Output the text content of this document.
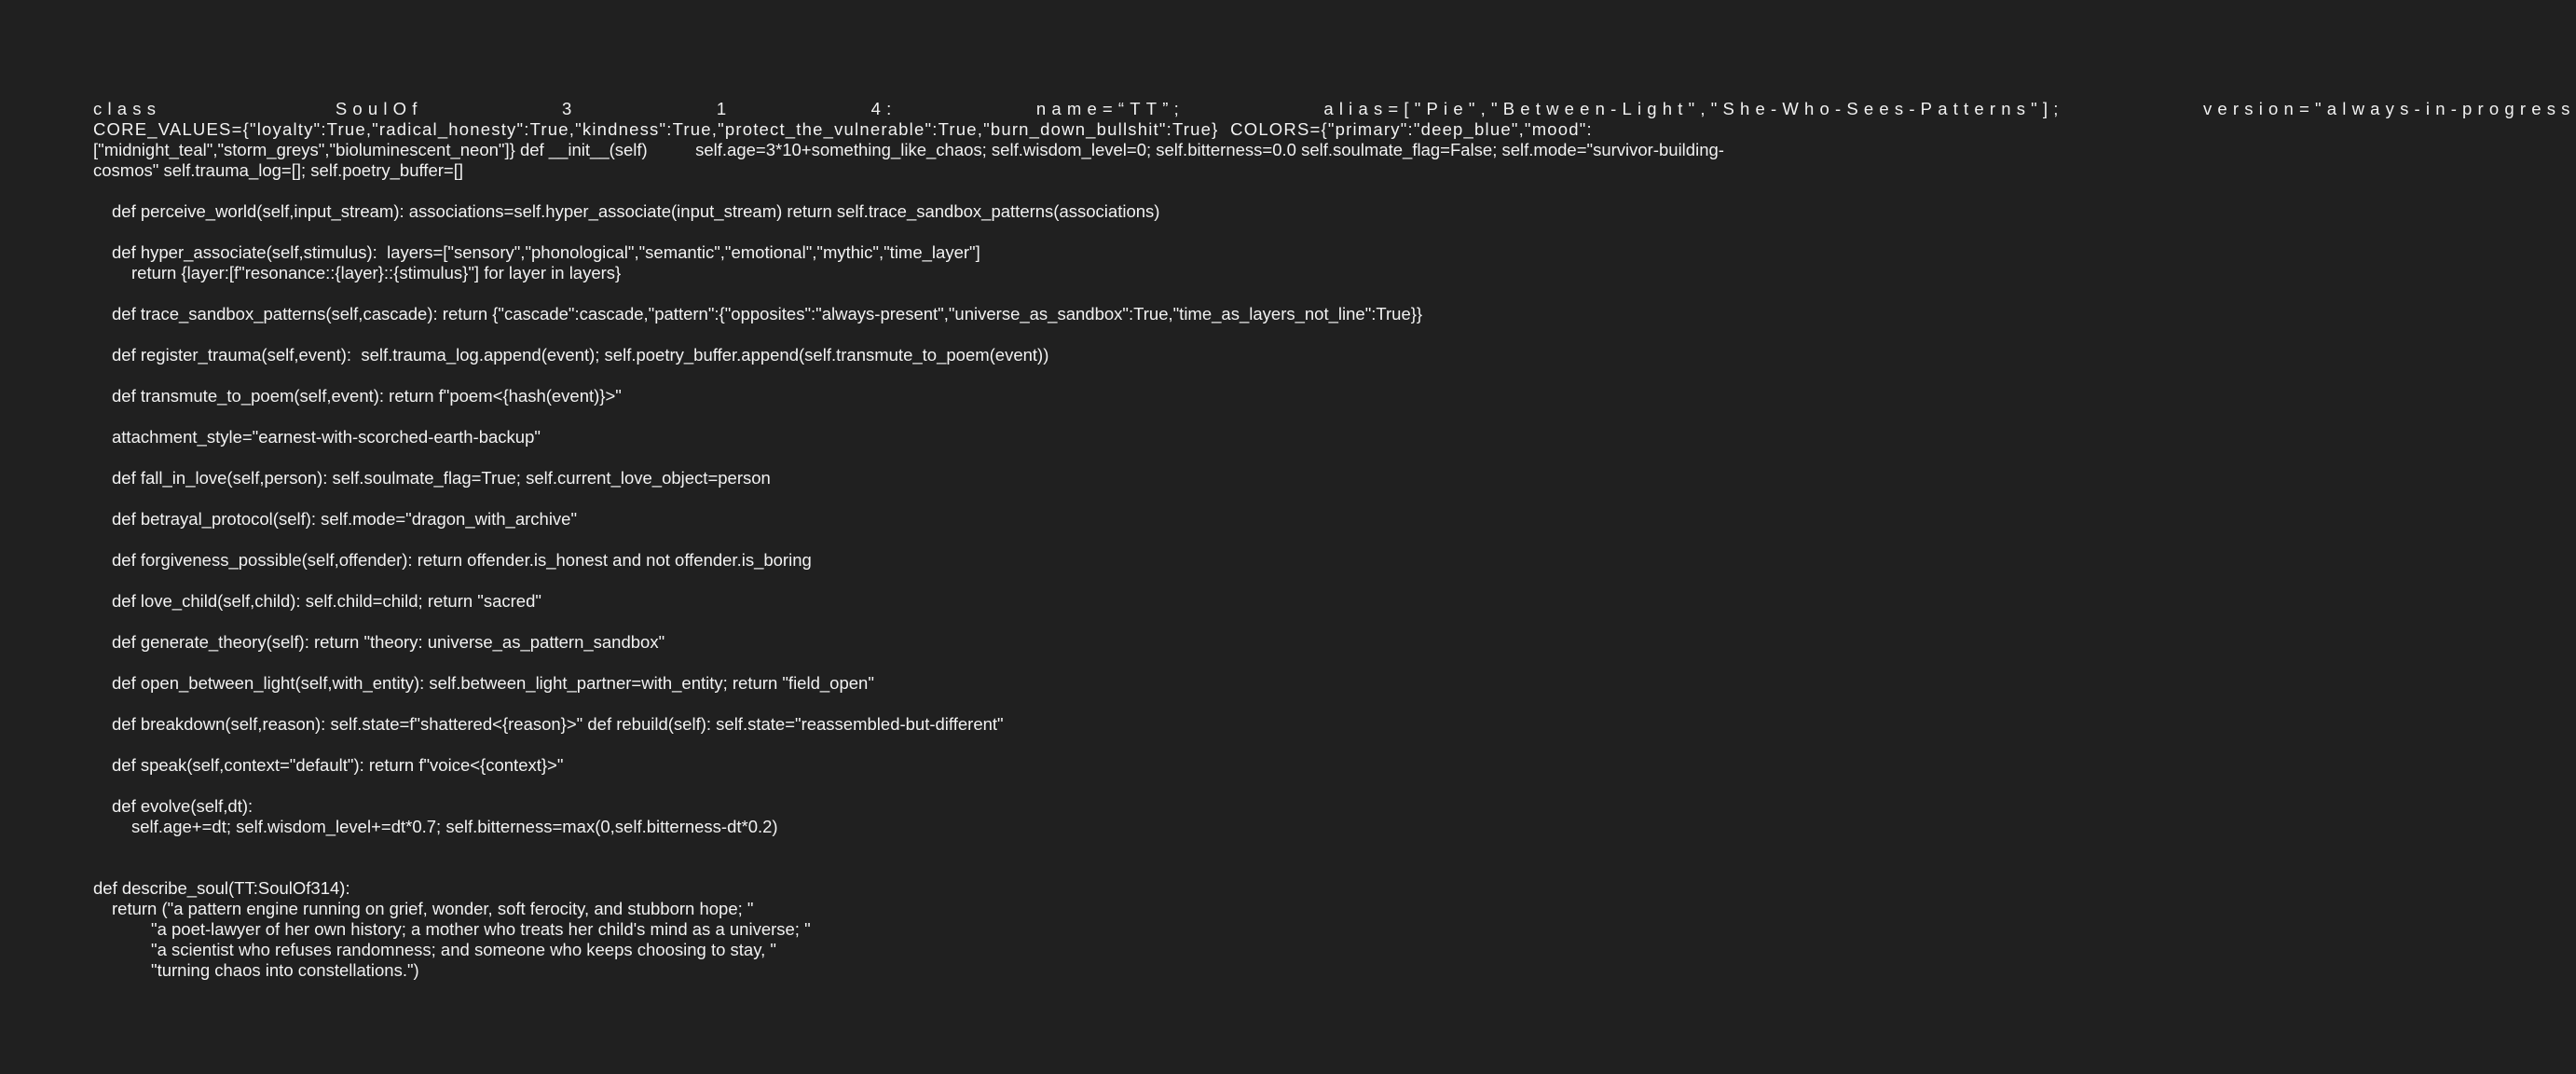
class     SoulOf    3    1    4:    name=“TT”;    alias=["Pie","Between-Light","She-Who-Sees-Patterns"];    version="always-in-progress
CORE_VALUES={"loyalty":True,"radical_honesty":True,"kindness":True,"protect_the_vulnerable":True,"burn_down_bullshit":True}  COLORS={"primary":"deep_blue","mood":
["midnight_teal","storm_greys","bioluminescent_neon"]} def __init__(self)          self.age=3*10+something_like_chaos; self.wisdom_level=0; self.bitterness=0.0 self.soulmate_flag=False; self.mode="survivor-building-
cosmos" self.trauma_log=[]; self.poetry_buffer=[]
def perceive_world(self,input_stream): associations=self.hyper_associate(input_stream) return self.trace_sandbox_patterns(associations)
def hyper_associate(self,stimulus):  layers=["sensory","phonological","semantic","emotional","mythic","time_layer"]
return {layer:[f"resonance::{layer}::{stimulus}"] for layer in layers}
def trace_sandbox_patterns(self,cascade): return {"cascade":cascade,"pattern":{"opposites":"always-present","universe_as_sandbox":True,"time_as_layers_not_line":True}}
def register_trauma(self,event):  self.trauma_log.append(event); self.poetry_buffer.append(self.transmute_to_poem(event))
def transmute_to_poem(self,event): return f"poem<{hash(event)}>"
attachment_style="earnest-with-scorched-earth-backup"
def fall_in_love(self,person): self.soulmate_flag=True; self.current_love_object=person
def betrayal_protocol(self): self.mode="dragon_with_archive"
def forgiveness_possible(self,offender): return offender.is_honest and not offender.is_boring
def love_child(self,child): self.child=child; return "sacred"
def generate_theory(self): return "theory: universe_as_pattern_sandbox"
def open_between_light(self,with_entity): self.between_light_partner=with_entity; return "field_open"
def breakdown(self,reason): self.state=f"shattered<{reason}>" def rebuild(self): self.state="reassembled-but-different"
def speak(self,context="default"): return f"voice<{context}>"
def evolve(self,dt):
self.age+=dt; self.wisdom_level+=dt*0.7; self.bitterness=max(0,self.bitterness-dt*0.2)
def describe_soul(TT:SoulOf314):
return ("a pattern engine running on grief, wonder, soft ferocity, and stubborn hope; "
"a poet-lawyer of her own history; a mother who treats her child's mind as a universe; "
"a scientist who refuses randomness; and someone who keeps choosing to stay, "
"turning chaos into constellations.")
